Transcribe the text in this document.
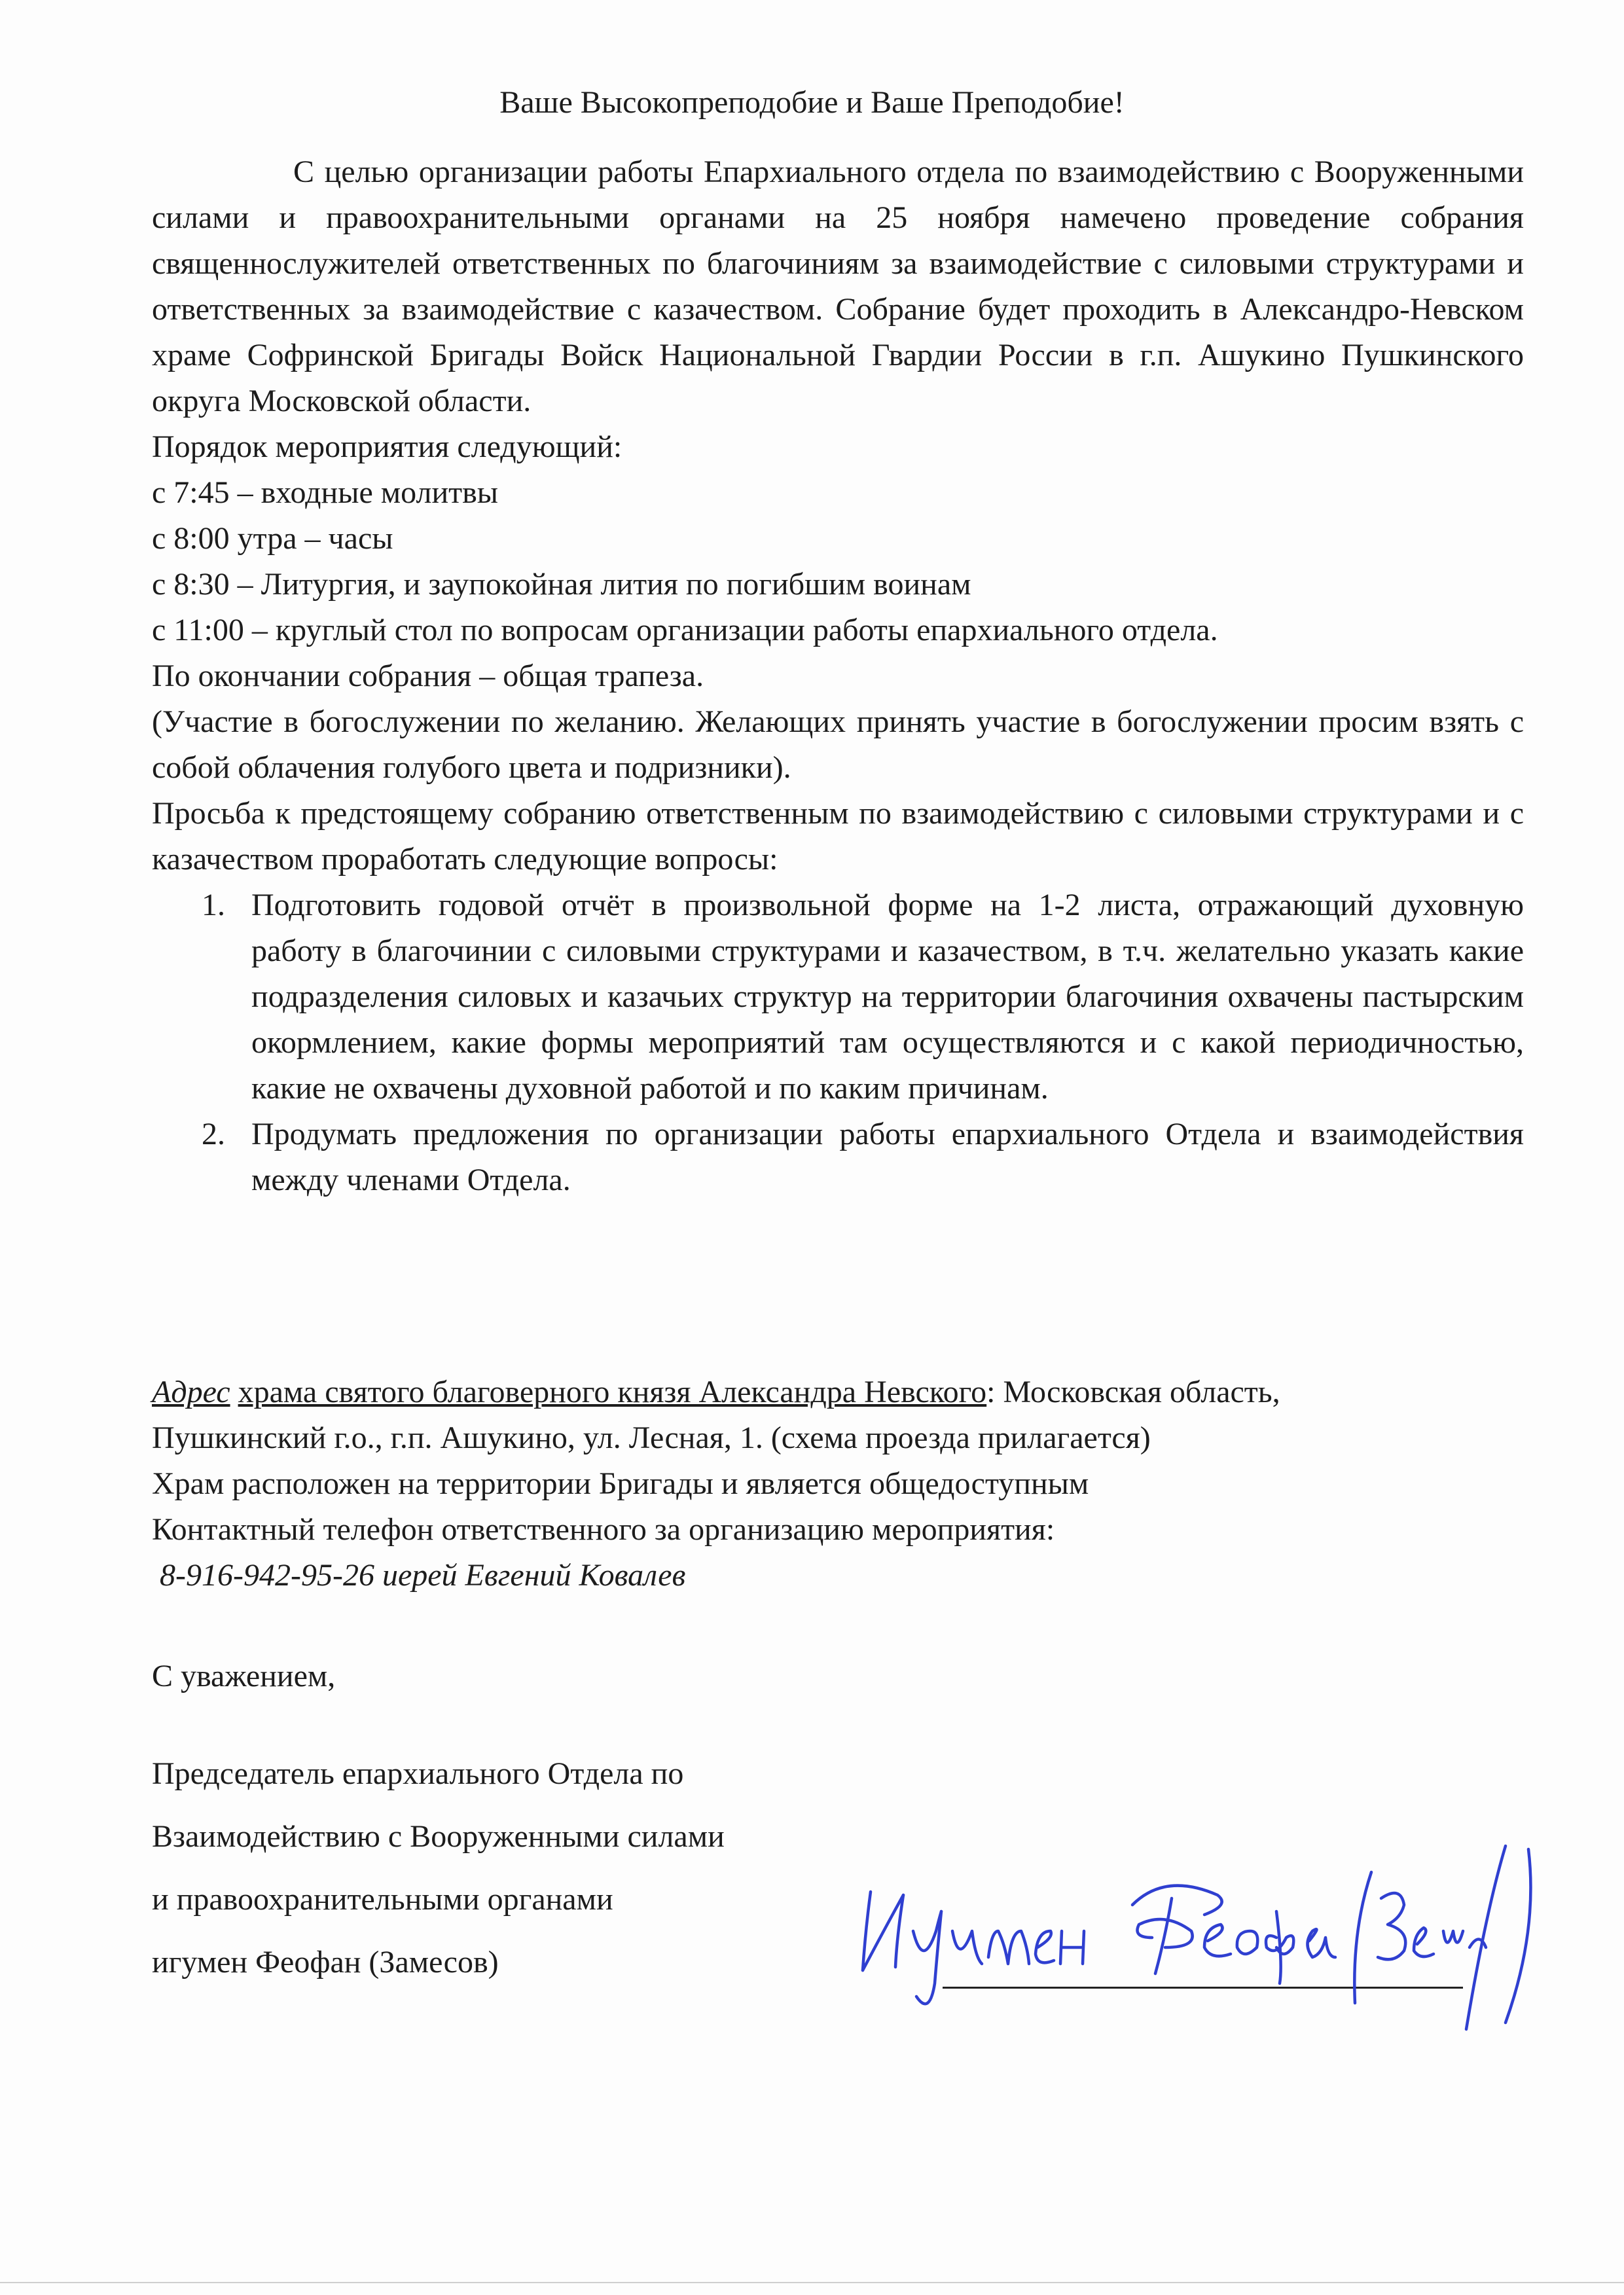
Ваше Высокопреподобие и Ваше Преподобие!

С целью организации работы Епархиального отдела по взаимодействию с Вооруженными силами и правоохранительными органами на 25 ноября намечено проведение собрания священнослужителей ответственных по благочиниям за взаимодействие с силовыми структурами и ответственных за взаимодействие с казачеством. Собрание будет проходить в Александро-Невском храме Софринской Бригады Войск Национальной Гвардии России в г.п. Ашукино Пушкинского округа Московской области.

Порядок мероприятия следующий:

с 7:45 – входные молитвы

с 8:00 утра – часы

с 8:30 – Литургия, и заупокойная лития по погибшим воинам

с 11:00 – круглый стол по вопросам организации работы епархиального отдела.

По окончании собрания – общая трапеза.

(Участие в богослужении по желанию. Желающих принять участие в богослужении просим взять с собой облачения голубого цвета и подризники).

Просьба к предстоящему собранию ответственным по взаимодействию с силовыми структурами и с казачеством проработать следующие вопросы:

1. Подготовить годовой отчёт в произвольной форме на 1-2 листа, отражающий духовную работу в благочинии с силовыми структурами и казачеством, в т.ч. желательно указать какие подразделения силовых и казачьих структур на территории благочиния охвачены пастырским окормлением, какие формы мероприятий там осуществляются и с какой периодичностью, какие не охвачены духовной работой и по каким причинам.
2. Продумать предложения по организации работы епархиального Отдела и взаимодействия между членами Отдела.

Адрес храма святого благоверного князя Александра Невского: Московская область,

Пушкинский г.о., г.п. Ашукино, ул. Лесная, 1. (схема проезда прилагается)

Храм расположен на территории Бригады и является общедоступным

Контактный телефон ответственного за организацию мероприятия:

8-916-942-95-26 иерей Евгений Ковалев

С уважением,

Председатель епархиального Отдела по

Взаимодействию с Вооруженными силами

и правоохранительными органами

игумен Феофан (Замесов)
